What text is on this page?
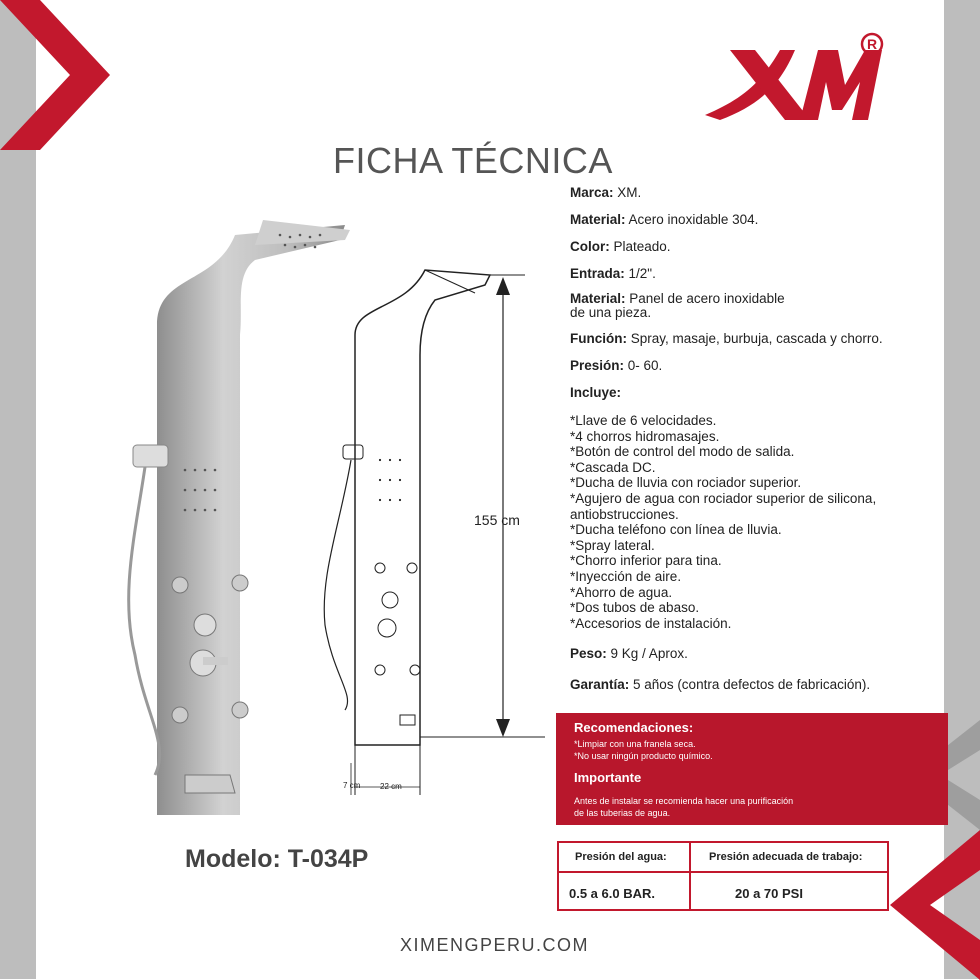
R
FICHA TÉCNICA
155 cm
7 cm 22 cm
Marca: XM.
Material: Acero inoxidable 304.
Color: Plateado.
Entrada: 1/2".
Material: Panel de acero inoxidable
de una pieza.
Función: Spray, masaje, burbuja, cascada y chorro.
Presión: 0- 60.
Incluye:
*Llave de 6 velocidades.
*4 chorros hidromasajes.
*Botón de control del modo de salida.
*Cascada DC.
*Ducha de lluvia con rociador superior.
*Agujero de agua con rociador superior de silicona,
antiobstrucciones.
*Ducha teléfono con línea de lluvia.
*Spray lateral.
*Chorro inferior para tina.
*Inyección de aire.
*Ahorro de agua.
*Dos tubos de abaso.
*Accesorios de instalación.
Peso: 9 Kg / Aprox.
Garantía: 5 años (contra defectos de fabricación).
Recomendaciones:
*Limpiar con una franela seca.
*No usar ningún producto químico.
Importante
Antes de instalar se recomienda hacer una purificación
de las tuberias de agua.
Presión del agua:	Presión adecuada de trabajo:
0.5 a 6.0 BAR.	20 a 70 PSI
Modelo: T-034P
XIMENGPERU.COM
